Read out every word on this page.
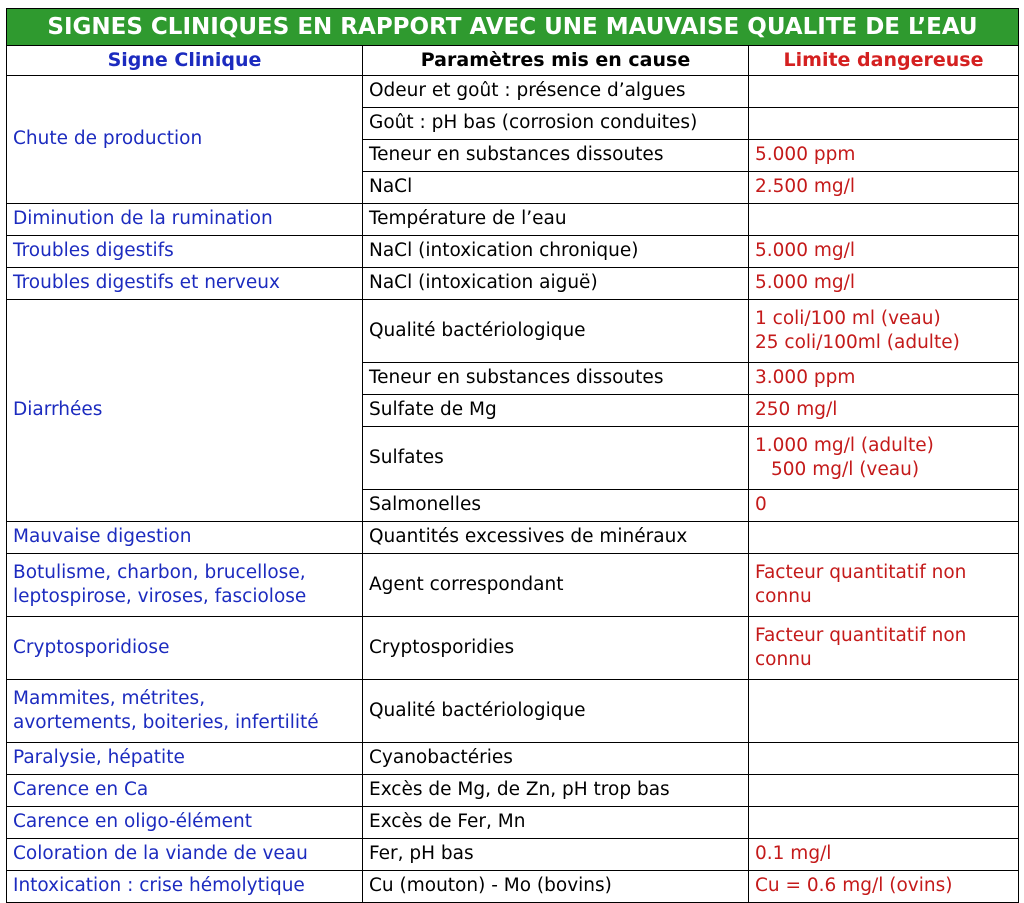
SIGNES CLINIQUES EN RAPPORT AVEC UNE MAUVAISE QUALITE DE L’EAU		
Signe Clinique	Paramètres mis en cause	Limite dangereuse

Chute de production	Odeur et goût : présence d’algues	

	Goût : pH bas (corrosion conduites)	

	Teneur en substances dissoutes	5.000 ppm

	NaCl	2.500 mg/l

Diminution de la rumination	Température de l’eau	

Troubles digestifs	NaCl (intoxication chronique)	5.000 mg/l

Troubles digestifs et nerveux	NaCl (intoxication aiguë)	5.000 mg/l

Diarrhées	Qualité bactériologique	1 coli/100 ml (veau)
25 coli/100ml (adulte)

	Teneur en substances dissoutes	3.000 ppm

	Sulfate de Mg	250 mg/l

	Sulfates	1.000 mg/l (adulte)
500 mg/l (veau)

	Salmonelles	0

Mauvaise digestion	Quantités excessives de minéraux	

Botulisme, charbon, brucellose,
leptospirose, viroses, fasciolose	Agent correspondant	Facteur quantitatif non
connu

Cryptosporidiose	Cryptosporidies	Facteur quantitatif non
connu

Mammites, métrites,
avortements, boiteries, infertilité	Qualité bactériologique	

Paralysie, hépatite	Cyanobactéries	

Carence en Ca	Excès de Mg, de Zn, pH trop bas	

Carence en oligo-élément	Excès de Fer, Mn	

Coloration de la viande de veau	Fer, pH bas	0.1 mg/l

Intoxication : crise hémolytique	Cu (mouton) - Mo (bovins)	Cu = 0.6 mg/l (ovins)
